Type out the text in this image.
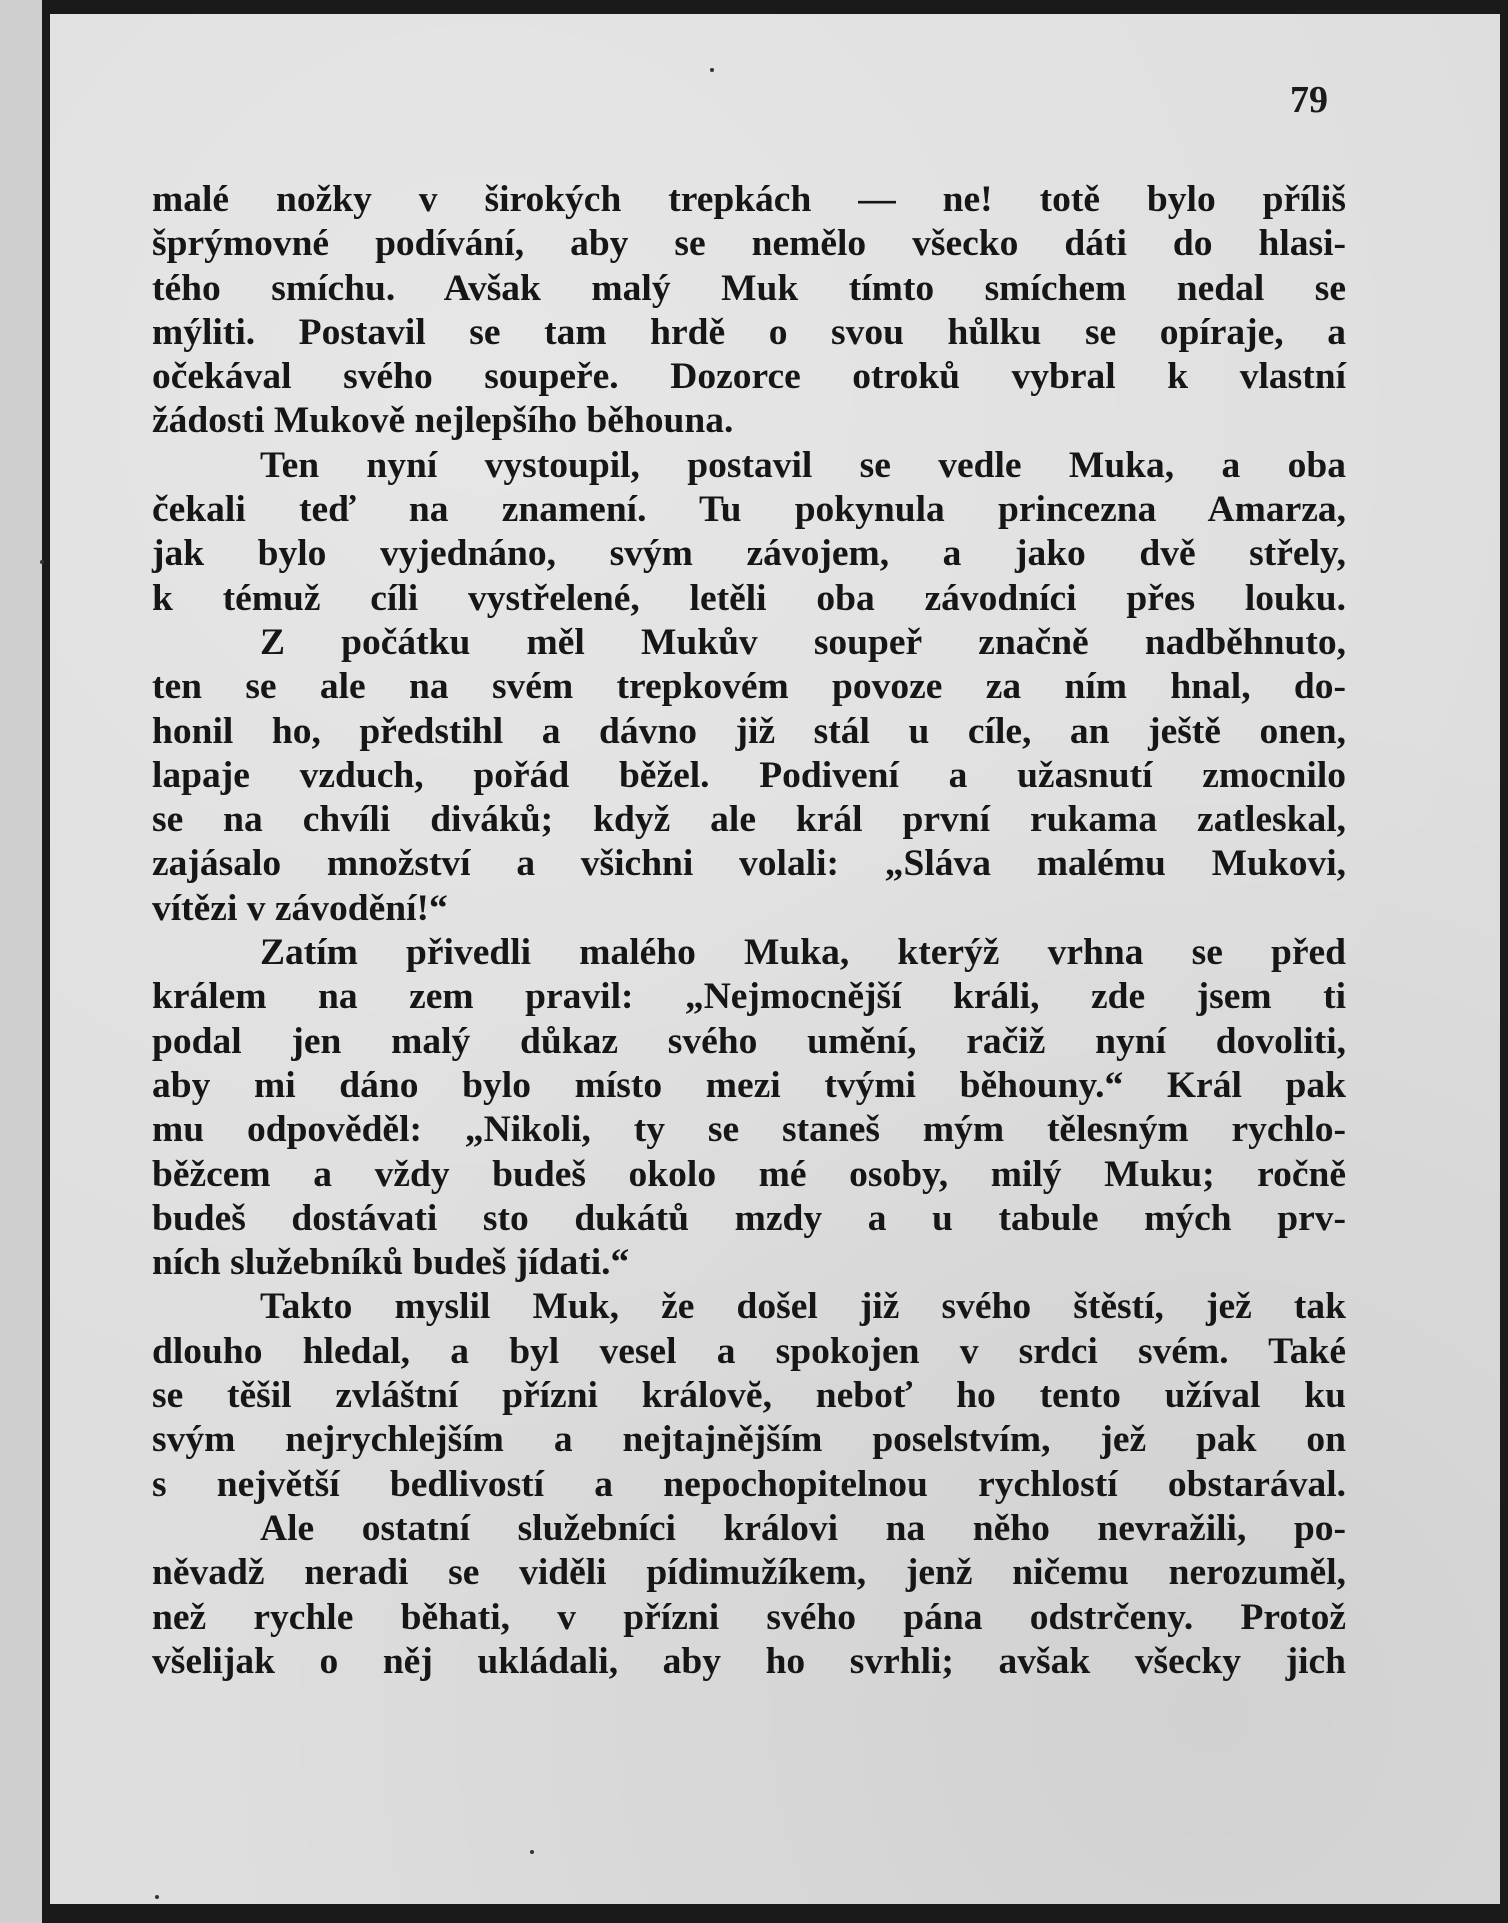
79
malé nožky v širokých trepkách — ne! totě bylo příliš
šprýmovné podívání, aby se nemělo všecko dáti do hlasi-
tého smíchu. Avšak malý Muk tímto smíchem nedal se
mýliti. Postavil se tam hrdě o svou hůlku se opíraje, a
očekával svého soupeře. Dozorce otroků vybral k vlastní
žádosti Mukově nejlepšího běhouna.
Ten nyní vystoupil, postavil se vedle Muka, a oba
čekali teď na znamení. Tu pokynula princezna Amarza,
jak bylo vyjednáno, svým závojem, a jako dvě střely,
k témuž cíli vystřelené, letěli oba závodníci přes louku.
Z počátku měl Mukův soupeř značně nadběhnuto,
ten se ale na svém trepkovém povoze za ním hnal, do-
honil ho, předstihl a dávno již stál u cíle, an ještě onen,
lapaje vzduch, pořád běžel. Podivení a užasnutí zmocnilo
se na chvíli diváků; když ale král první rukama zatleskal,
zajásalo množství a všichni volali: „Sláva malému Mukovi,
vítězi v závodění!“
Zatím přivedli malého Muka, kterýž vrhna se před
králem na zem pravil: „Nejmocnější králi, zde jsem ti
podal jen malý důkaz svého umění, račiž nyní dovoliti,
aby mi dáno bylo místo mezi tvými běhouny.“ Král pak
mu odpověděl: „Nikoli, ty se staneš mým tělesným rychlo-
běžcem a vždy budeš okolo mé osoby, milý Muku; ročně
budeš dostávati sto dukátů mzdy a u tabule mých prv-
ních služebníků budeš jídati.“
Takto myslil Muk, že došel již svého štěstí, jež tak
dlouho hledal, a byl vesel a spokojen v srdci svém. Také
se těšil zvláštní přízni královĕ, neboť ho tento užíval ku
svým nejrychlejším a nejtajnějším poselstvím, jež pak on
s největší bedlivostí a nepochopitelnou rychlostí obstarával.
Ale ostatní služebníci královi na něho nevražili, po-
něvadž neradi se viděli pídimužíkem, jenž ničemu nerozuměl,
než rychle běhati, v přízni svého pána odstrčeny. Protož
všelijak o něj ukládali, aby ho svrhli; avšak všecky jich
